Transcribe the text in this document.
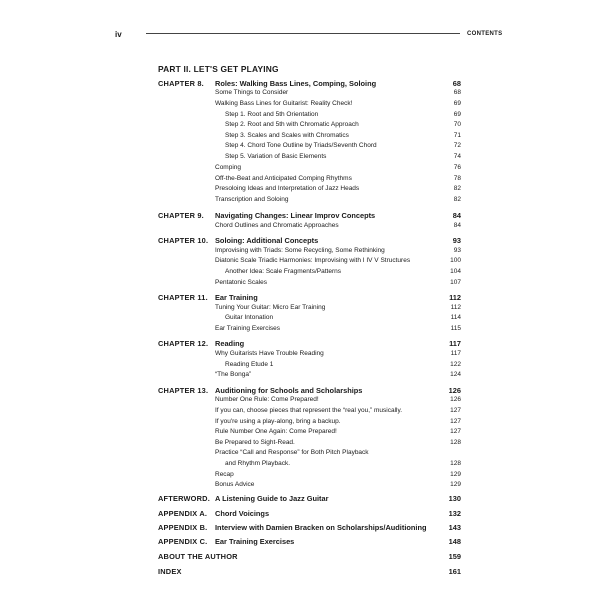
iv	CONTENTS
PART II. LET'S GET PLAYING
CHAPTER 8. Roles: Walking Bass Lines, Comping, Soloing	68
Some Things to Consider	68
Walking Bass Lines for Guitarist: Reality Check!	69
Step 1. Root and 5th Orientation	69
Step 2. Root and 5th with Chromatic Approach	70
Step 3. Scales and Scales with Chromatics	71
Step 4. Chord Tone Outline by Triads/Seventh Chord	72
Step 5. Variation of Basic Elements	74
Comping	76
Off-the-Beat and Anticipated Comping Rhythms	78
Presoloing Ideas and Interpretation of Jazz Heads	82
Transcription and Soloing	82
CHAPTER 9. Navigating Changes: Linear Improv Concepts	84
Chord Outlines and Chromatic Approaches	84
CHAPTER 10. Soloing: Additional Concepts	93
Improvising with Triads: Some Recycling, Some Rethinking	93
Diatonic Scale Triadic Harmonies: Improvising with I IV V Structures	100
Another Idea: Scale Fragments/Patterns	104
Pentatonic Scales	107
CHAPTER 11. Ear Training	112
Tuning Your Guitar: Micro Ear Training	112
Guitar Intonation	114
Ear Training Exercises	115
CHAPTER 12. Reading	117
Why Guitarists Have Trouble Reading	117
Reading Etude 1	122
“The Bonga”	124
CHAPTER 13. Auditioning for Schools and Scholarships	126
Number One Rule: Come Prepared!	126
If you can, choose pieces that represent the “real you,” musically.	127
If you're using a play-along, bring a backup.	127
Rule Number One Again: Come Prepared!	127
Be Prepared to Sight-Read.	128
Practice “Call and Response” for Both Pitch Playback
and Rhythm Playback.	128
Recap	129
Bonus Advice	129
AFTERWORD. A Listening Guide to Jazz Guitar	130
APPENDIX A. Chord Voicings	132
APPENDIX B. Interview with Damien Bracken on Scholarships/Auditioning	143
APPENDIX C. Ear Training Exercises	148
ABOUT THE AUTHOR	159
INDEX	161
